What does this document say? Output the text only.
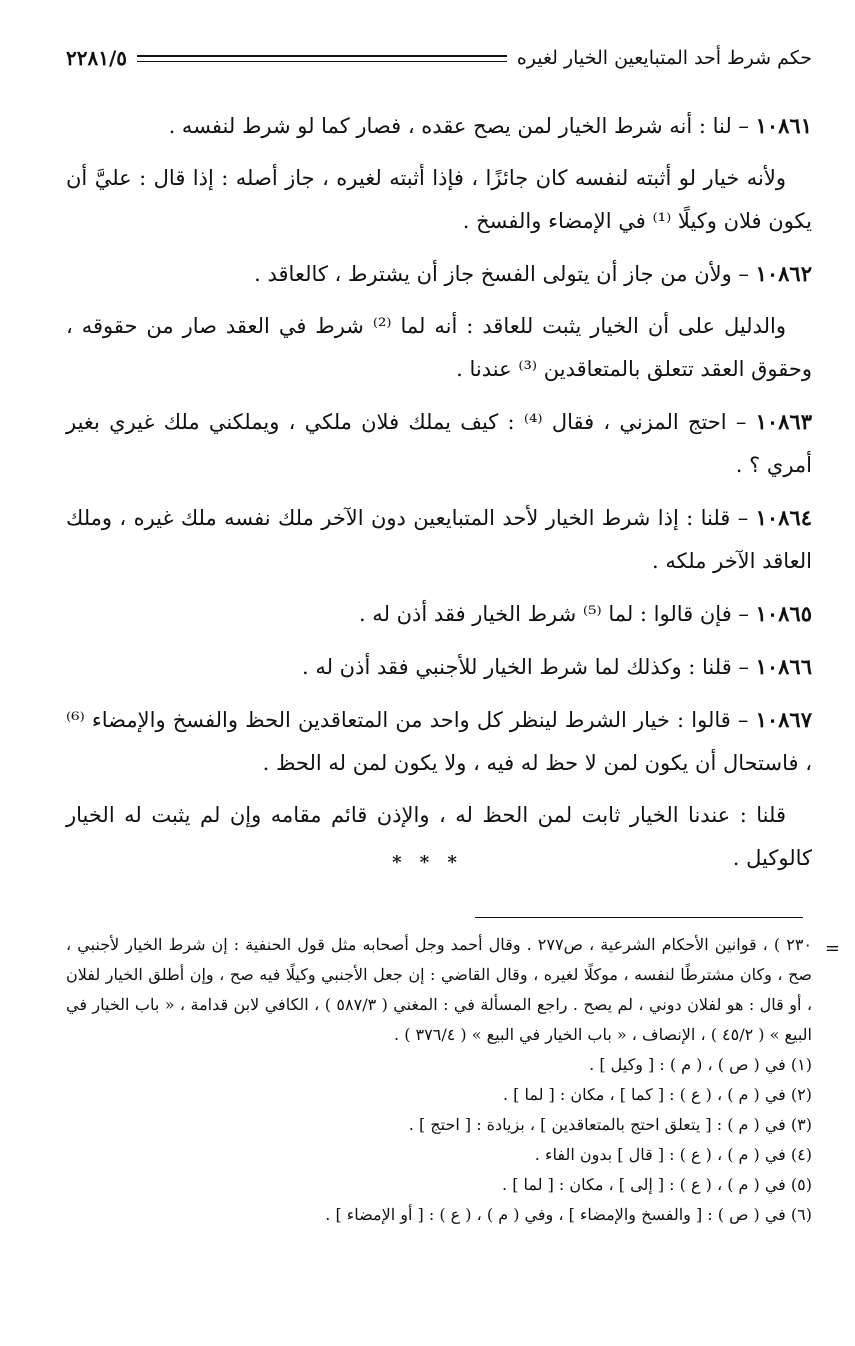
حكم شرط أحد المتبايعين الخيار لغيره
٢٢٨١/٥

١٠٨٦١ – لنا : أنه شرط الخيار لمن يصح عقده ، فصار كما لو شرط لنفسه .

ولأنه خيار لو أثبته لنفسه كان جائزًا ، فإذا أثبته لغيره ، جاز أصله : إذا قال : عليَّ أن يكون فلان وكيلًا ⁽¹⁾ في الإمضاء والفسخ .

١٠٨٦٢ – ولأن من جاز أن يتولى الفسخ جاز أن يشترط ، كالعاقد .

والدليل على أن الخيار يثبت للعاقد : أنه لما ⁽²⁾ شرط في العقد صار من حقوقه ، وحقوق العقد تتعلق بالمتعاقدين ⁽³⁾ عندنا .

١٠٨٦٣ – احتج المزني ، فقال ⁽⁴⁾ : كيف يملك فلان ملكي ، ويملكني ملك غيري بغير أمري ؟ .

١٠٨٦٤ – قلنا : إذا شرط الخيار لأحد المتبايعين دون الآخر ملك نفسه ملك غيره ، وملك العاقد الآخر ملكه .

١٠٨٦٥ – فإن قالوا : لما ⁽⁵⁾ شرط الخيار فقد أذن له .

١٠٨٦٦ – قلنا : وكذلك لما شرط الخيار للأجنبي فقد أذن له .

١٠٨٦٧ – قالوا : خيار الشرط لينظر كل واحد من المتعاقدين الحظ والفسخ والإمضاء ⁽⁶⁾ ، فاستحال أن يكون لمن لا حظ له فيه ، ولا يكون لمن له الحظ .

قلنا : عندنا الخيار ثابت لمن الحظ له ، والإذن قائم مقامه وإن لم يثبت له الخيار كالوكيل .

* * *
=

٢٣٠ ) ، قوانين الأحكام الشرعية ، ص٢٧٧ . وقال أحمد وجل أصحابه مثل قول الحنفية : إن شرط الخيار لأجنبي ، صح ، وكان مشترطًا لنفسه ، موكلًا لغيره ، وقال القاضي : إن جعل الأجنبي وكيلًا فيه صح ، وإن أطلق الخيار لفلان ، أو قال : هو لفلان دوني ، لم يصح . راجع المسألة في : المغني ( ٥٨٧/٣ ) ، الكافي لابن قدامة ، « باب الخيار في البيع » ( ٤٥/٢ ) ، الإنصاف ، « باب الخيار في البيع » ( ٣٧٦/٤ ) .

(١) في ( ص ) ، ( م ) : [ وكيل ] .

(٢) في ( م ) ، ( ع ) : [ كما ] ، مكان : [ لما ] .

(٣) في ( م ) : [ يتعلق احتج بالمتعاقدين ] ، بزيادة : [ احتج ] .

(٤) في ( م ) ، ( ع ) : [ قال ] بدون الفاء .

(٥) في ( م ) ، ( ع ) : [ إلى ] ، مكان : [ لما ] .

(٦) في ( ص ) : [ والفسخ والإمضاء ] ، وفي ( م ) ، ( ع ) : [ أو الإمضاء ] .
